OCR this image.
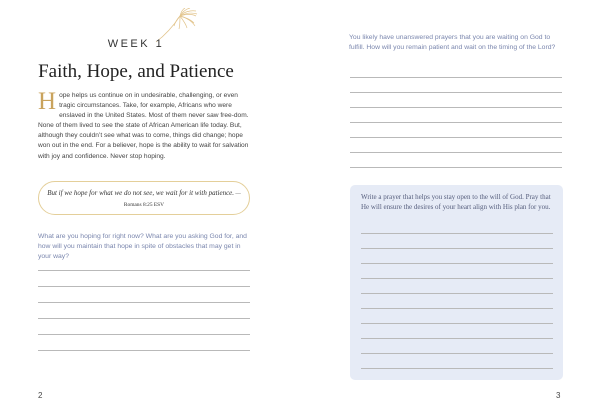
WEEK 1
Faith, Hope, and Patience
Hope helps us continue on in undesirable, challenging, or even tragic circumstances. Take, for example, Africans who were enslaved in the United States. Most of them never saw free-dom. None of them lived to see the state of African American life today. But, although they couldn’t see what was to come, things did change; hope won out in the end. For a believer, hope is the ability to wait for salvation with joy and confidence. Never stop hoping.
But if we hope for what we do not see, we wait for it with patience. — Romans 8:25 ESV
What are you hoping for right now? What are you asking God for, and how will you maintain that hope in spite of obstacles that may get in your way?
2
You likely have unanswered prayers that you are waiting on God to fulfill. How will you remain patient and wait on the timing of the Lord?
Write a prayer that helps you stay open to the will of God. Pray that He will ensure the desires of your heart align with His plan for you.
3
